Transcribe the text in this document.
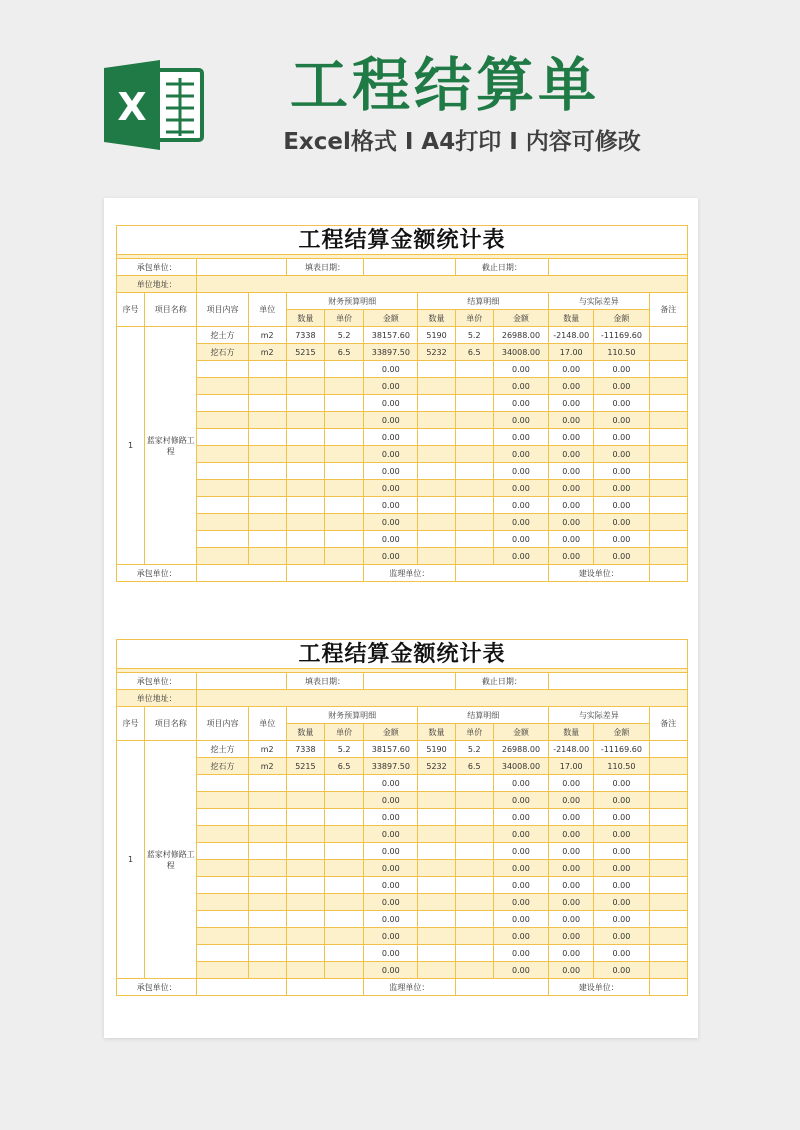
X 工程结算单
Excel格式 I A4打印 I 内容可修改
工程结算金额统计表

承包单位：				填表日期：				截止日期：				
单位地址：												
序号	项目名称	项目内容	单位	财务预算明细			结算明细			与实际差异		备注
				数量	单价	金额	数量	单价	金额	数量	金额	
1	蓝家村修路工程	挖土方	m2	7338	5.2	38157.60	5190	5.2	26988.00	-2148.00	-11169.60	
		挖石方	m2	5215	6.5	33897.50	5232	6.5	34008.00	17.00	110.50	
						0.00			0.00	0.00	0.00	
						0.00			0.00	0.00	0.00	
						0.00			0.00	0.00	0.00	
						0.00			0.00	0.00	0.00	
						0.00			0.00	0.00	0.00	
						0.00			0.00	0.00	0.00	
						0.00			0.00	0.00	0.00	
						0.00			0.00	0.00	0.00	
						0.00			0.00	0.00	0.00	
						0.00			0.00	0.00	0.00	
						0.00			0.00	0.00	0.00	
						0.00			0.00	0.00	0.00	
承包单位：						监理单位：				建设单位：		
工程结算金额统计表

承包单位：				填表日期：				截止日期：				
单位地址：												
序号	项目名称	项目内容	单位	财务预算明细			结算明细			与实际差异		备注
				数量	单价	金额	数量	单价	金额	数量	金额	
1	蓝家村修路工程	挖土方	m2	7338	5.2	38157.60	5190	5.2	26988.00	-2148.00	-11169.60	
		挖石方	m2	5215	6.5	33897.50	5232	6.5	34008.00	17.00	110.50	
						0.00			0.00	0.00	0.00	
						0.00			0.00	0.00	0.00	
						0.00			0.00	0.00	0.00	
						0.00			0.00	0.00	0.00	
						0.00			0.00	0.00	0.00	
						0.00			0.00	0.00	0.00	
						0.00			0.00	0.00	0.00	
						0.00			0.00	0.00	0.00	
						0.00			0.00	0.00	0.00	
						0.00			0.00	0.00	0.00	
						0.00			0.00	0.00	0.00	
						0.00			0.00	0.00	0.00	
承包单位：						监理单位：				建设单位：		
